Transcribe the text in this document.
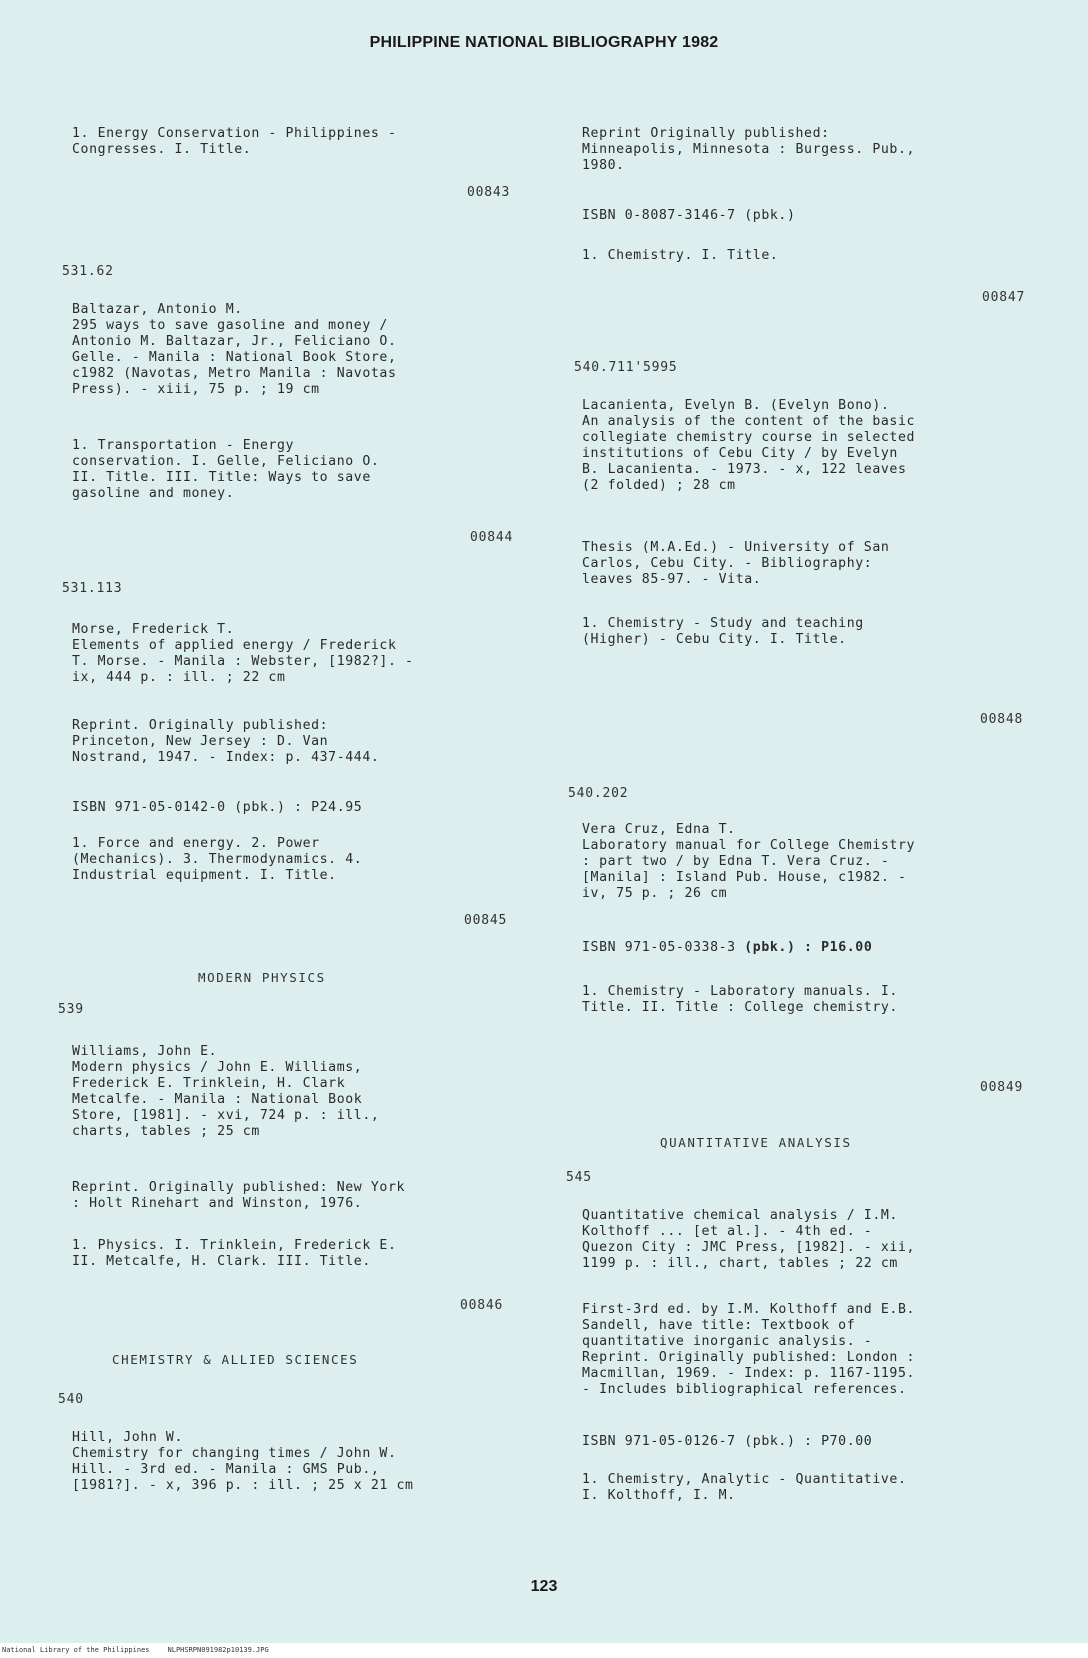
PHILIPPINE NATIONAL BIBLIOGRAPHY 1982
1. Energy Conservation - Philippines -
Congresses. I. Title.
00843
531.62
Baltazar, Antonio M.
295 ways to save gasoline and money /
Antonio M. Baltazar, Jr., Feliciano O.
Gelle. - Manila : National Book Store,
c1982 (Navotas, Metro Manila : Navotas
Press). - xiii, 75 p. ; 19 cm
1. Transportation - Energy
conservation. I. Gelle, Feliciano O.
II. Title. III. Title: Ways to save
gasoline and money.
00844
531.113
Morse, Frederick T.
Elements of applied energy / Frederick
T. Morse. - Manila : Webster, [1982?]. -
ix, 444 p. : ill. ; 22 cm
Reprint. Originally published:
Princeton, New Jersey : D. Van
Nostrand, 1947. - Index: p. 437-444.
ISBN 971-05-0142-0 (pbk.) : P24.95
1. Force and energy. 2. Power
(Mechanics). 3. Thermodynamics. 4.
Industrial equipment. I. Title.
00845
MODERN PHYSICS
539
Williams, John E.
Modern physics / John E. Williams,
Frederick E. Trinklein, H. Clark
Metcalfe. - Manila : National Book
Store, [1981]. - xvi, 724 p. : ill.,
charts, tables ; 25 cm
Reprint. Originally published: New York
: Holt Rinehart and Winston, 1976.
1. Physics. I. Trinklein, Frederick E.
II. Metcalfe, H. Clark. III. Title.
00846
CHEMISTRY & ALLIED SCIENCES
540
Hill, John W.
Chemistry for changing times / John W.
Hill. - 3rd ed. - Manila : GMS Pub.,
[1981?]. - x, 396 p. : ill. ; 25 x 21 cm
Reprint Originally published:
Minneapolis, Minnesota : Burgess. Pub.,
1980.
ISBN 0-8087-3146-7 (pbk.)
1. Chemistry. I. Title.
00847
540.711'5995
Lacanienta, Evelyn B. (Evelyn Bono).
An analysis of the content of the basic
collegiate chemistry course in selected
institutions of Cebu City / by Evelyn
B. Lacanienta. - 1973. - x, 122 leaves
(2 folded) ; 28 cm
Thesis (M.A.Ed.) - University of San
Carlos, Cebu City. - Bibliography:
leaves 85-97. - Vita.
1. Chemistry - Study and teaching
(Higher) - Cebu City. I. Title.
00848
540.202
Vera Cruz, Edna T.
Laboratory manual for College Chemistry
: part two / by Edna T. Vera Cruz. -
[Manila] : Island Pub. House, c1982. -
iv, 75 p. ; 26 cm
ISBN 971-05-0338-3 (pbk.) : P16.00
1. Chemistry - Laboratory manuals. I.
Title. II. Title : College chemistry.
00849
QUANTITATIVE ANALYSIS
545
Quantitative chemical analysis / I.M.
Kolthoff ... [et al.]. - 4th ed. -
Quezon City : JMC Press, [1982]. - xii,
1199 p. : ill., chart, tables ; 22 cm
First-3rd ed. by I.M. Kolthoff and E.B.
Sandell, have title: Textbook of
quantitative inorganic analysis. -
Reprint. Originally published: London :
Macmillan, 1969. - Index: p. 1167-1195.
- Includes bibliographical references.
ISBN 971-05-0126-7 (pbk.) : P70.00
1. Chemistry, Analytic - Quantitative.
I. Kolthoff, I. M.
123
National Library of the Philippines	NLPHSRPN091982p10139.JPG
